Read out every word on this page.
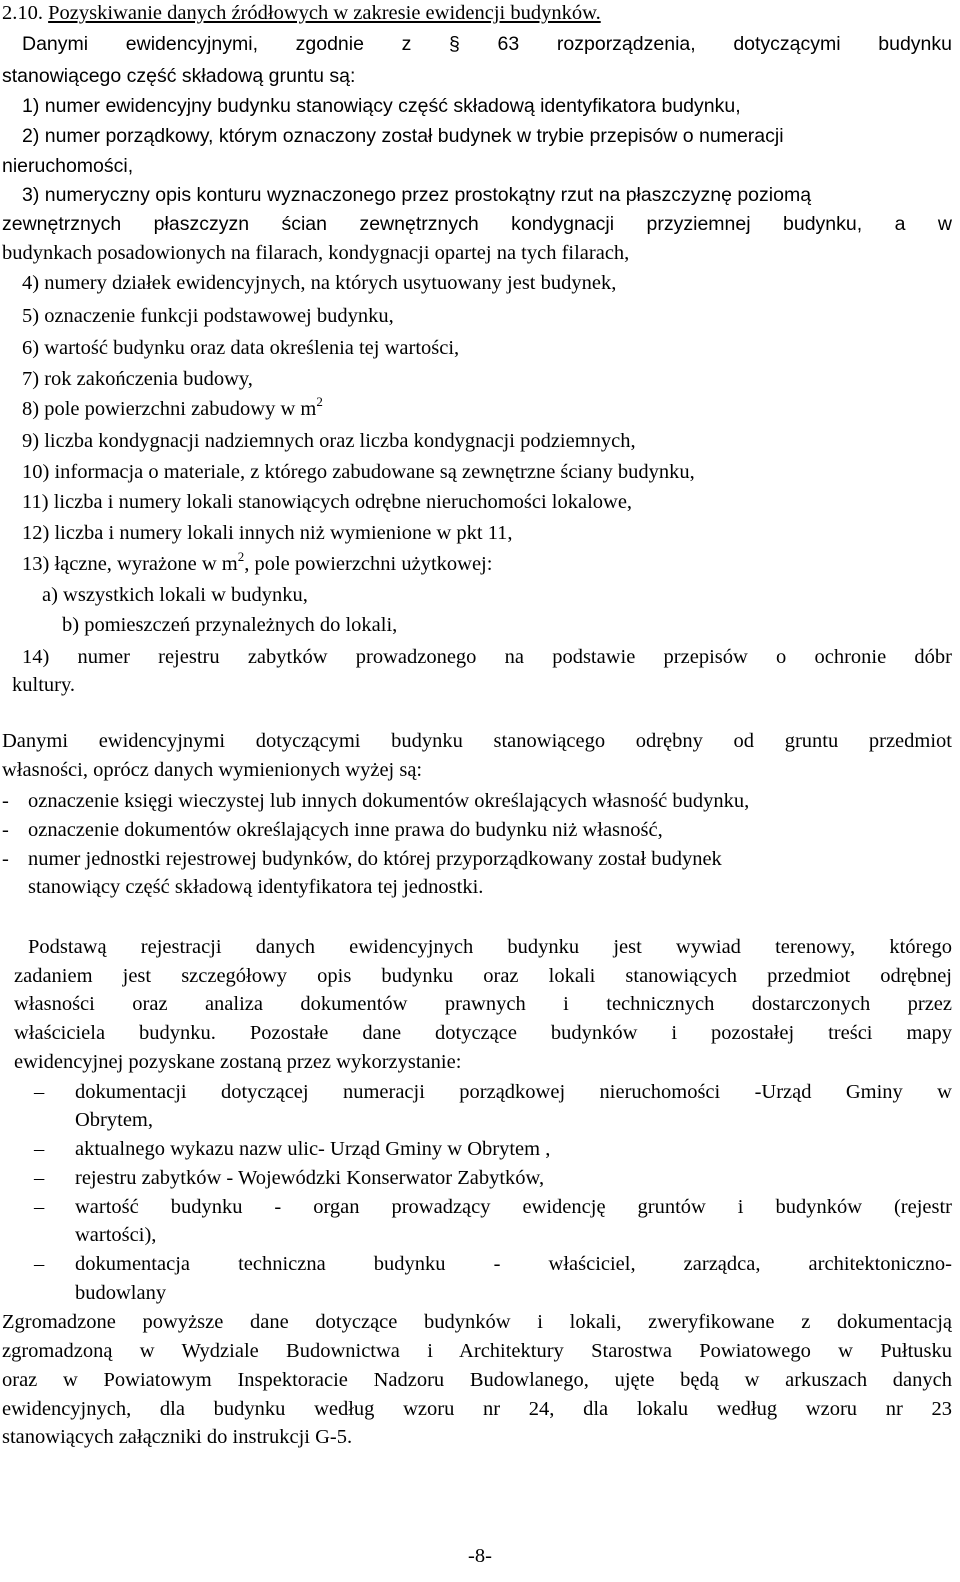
2.10. Pozyskiwanie danych źródłowych w zakresie ewidencji budynków.
Danymi ewidencyjnymi, zgodnie z § 63 rozporządzenia, dotyczącymi budynku
stanowiącego część składową gruntu są:
1) numer ewidencyjny budynku stanowiący część składową identyfikatora budynku,
2) numer porządkowy, którym oznaczony został budynek w trybie przepisów o numeracji
nieruchomości,
3) numeryczny opis konturu wyznaczonego przez prostokątny rzut na płaszczyznę poziomą
zewnętrznych płaszczyzn ścian zewnętrznych kondygnacji przyziemnej budynku, a w
budynkach posadowionych na filarach, kondygnacji opartej na tych filarach,
4) numery działek ewidencyjnych, na których usytuowany jest budynek,
5) oznaczenie funkcji podstawowej budynku,
6) wartość budynku oraz data określenia tej wartości,
7) rok zakończenia budowy,
8) pole powierzchni zabudowy w $m^2$
9) liczba kondygnacji nadziemnych oraz liczba kondygnacji podziemnych,
10) informacja o materiale, z którego zabudowane są zewnętrzne ściany budynku,
11) liczba i numery lokali stanowiących odrębne nieruchomości lokalowe,
12) liczba i numery lokali innych niż wymienione w pkt 11,
13) łączne, wyrażone w $m^2$, pole powierzchni użytkowej:
a) wszystkich lokali w budynku,
b) pomieszczeń przynależnych do lokali,
14) numer rejestru zabytków prowadzonego na podstawie przepisów o ochronie dóbr
kultury.
Danymi ewidencyjnymi dotyczącymi budynku stanowiącego odrębny od gruntu przedmiot
własności, oprócz danych wymienionych wyżej są:
- oznaczenie księgi wieczystej lub innych dokumentów określających własność budynku,
- oznaczenie dokumentów określających inne prawa do budynku niż własność,
- numer jednostki rejestrowej budynków, do której przyporządkowany został budynek
stanowiący część składową identyfikatora tej jednostki.
Podstawą rejestracji danych ewidencyjnych budynku jest wywiad terenowy, którego
zadaniem jest szczegółowy opis budynku oraz lokali stanowiących przedmiot odrębnej
własności oraz analiza dokumentów prawnych i technicznych dostarczonych przez
właściciela budynku. Pozostałe dane dotyczące budynków i pozostałej treści mapy
ewidencyjnej pozyskane zostaną przez wykorzystanie:
– dokumentacji dotyczącej numeracji porządkowej nieruchomości -Urząd Gminy w
Obrytem,
– aktualnego wykazu nazw ulic- Urząd Gminy w Obrytem ,
– rejestru zabytków - Wojewódzki Konserwator Zabytków,
– wartość budynku - organ prowadzący ewidencję gruntów i budynków (rejestr
wartości),
– dokumentacja techniczna budynku - właściciel, zarządca, architektoniczno-
budowlany
Zgromadzone powyższe dane dotyczące budynków i lokali, zweryfikowane z dokumentacją
zgromadzoną w Wydziale Budownictwa i Architektury Starostwa Powiatowego w Pułtusku
oraz w Powiatowym Inspektoracie Nadzoru Budowlanego, ujęte będą w arkuszach danych
ewidencyjnych, dla budynku według wzoru nr 24, dla lokalu według wzoru nr 23
stanowiących załączniki do instrukcji G-5.
-8-
